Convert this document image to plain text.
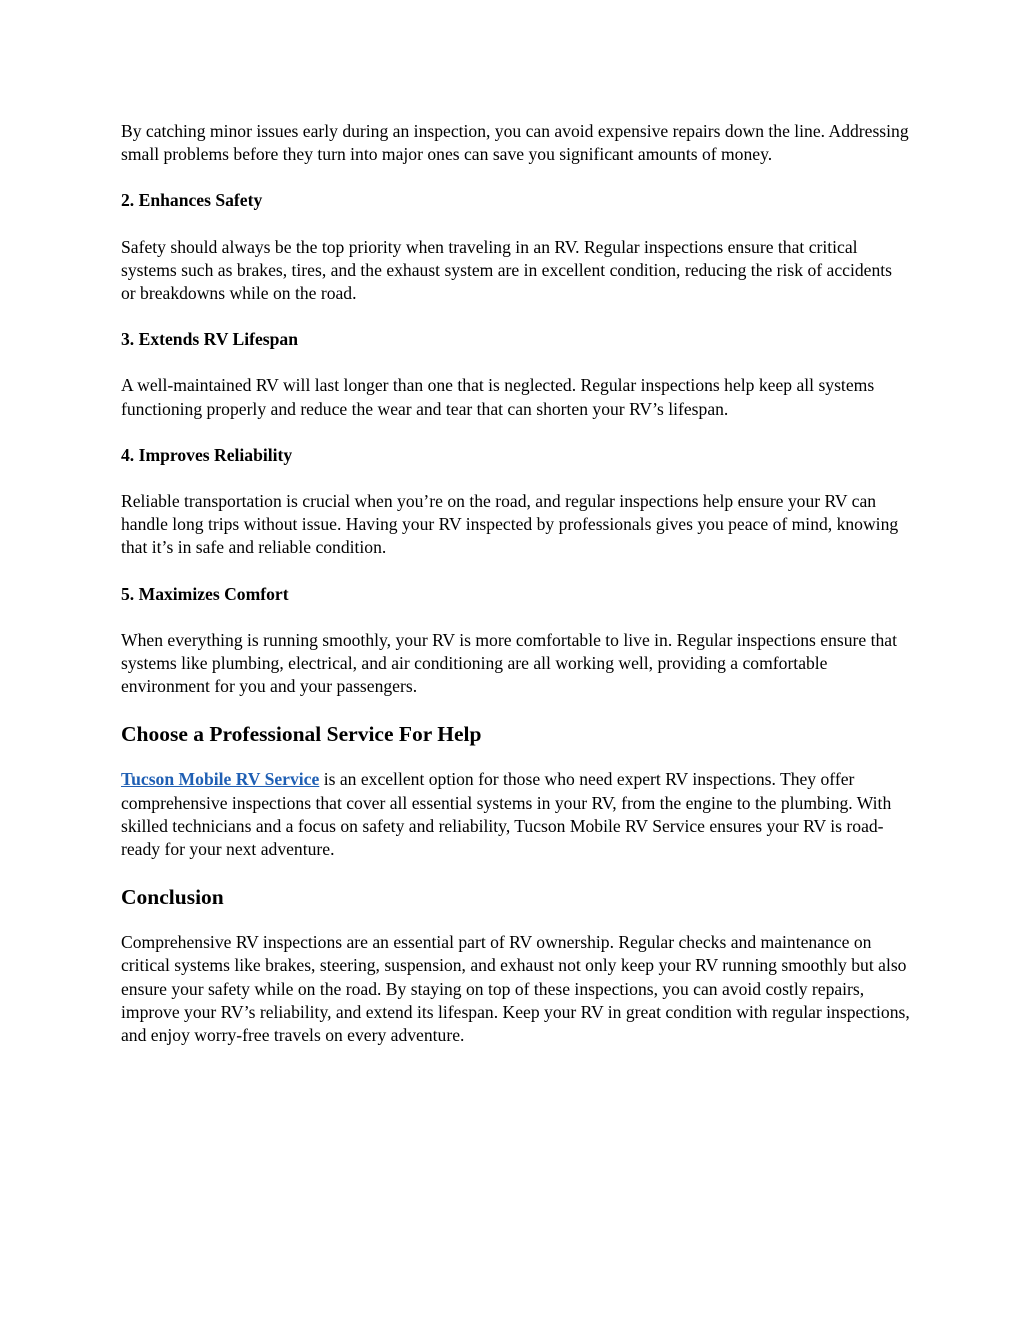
By catching minor issues early during an inspection, you can avoid expensive repairs down the line. Addressing small problems before they turn into major ones can save you significant amounts of money.

2. Enhances Safety

Safety should always be the top priority when traveling in an RV. Regular inspections ensure that critical systems such as brakes, tires, and the exhaust system are in excellent condition, reducing the risk of accidents or breakdowns while on the road.

3. Extends RV Lifespan

A well-maintained RV will last longer than one that is neglected. Regular inspections help keep all systems functioning properly and reduce the wear and tear that can shorten your RV’s lifespan.

4. Improves Reliability

Reliable transportation is crucial when you’re on the road, and regular inspections help ensure your RV can handle long trips without issue. Having your RV inspected by professionals gives you peace of mind, knowing that it’s in safe and reliable condition.

5. Maximizes Comfort

When everything is running smoothly, your RV is more comfortable to live in. Regular inspections ensure that systems like plumbing, electrical, and air conditioning are all working well, providing a comfortable environment for you and your passengers.

Choose a Professional Service For Help

Tucson Mobile RV Service is an excellent option for those who need expert RV inspections. They offer comprehensive inspections that cover all essential systems in your RV, from the engine to the plumbing. With skilled technicians and a focus on safety and reliability, Tucson Mobile RV Service ensures your RV is road-ready for your next adventure.

Conclusion

Comprehensive RV inspections are an essential part of RV ownership. Regular checks and maintenance on critical systems like brakes, steering, suspension, and exhaust not only keep your RV running smoothly but also ensure your safety while on the road. By staying on top of these inspections, you can avoid costly repairs, improve your RV’s reliability, and extend its lifespan. Keep your RV in great condition with regular inspections, and enjoy worry-free travels on every adventure.
